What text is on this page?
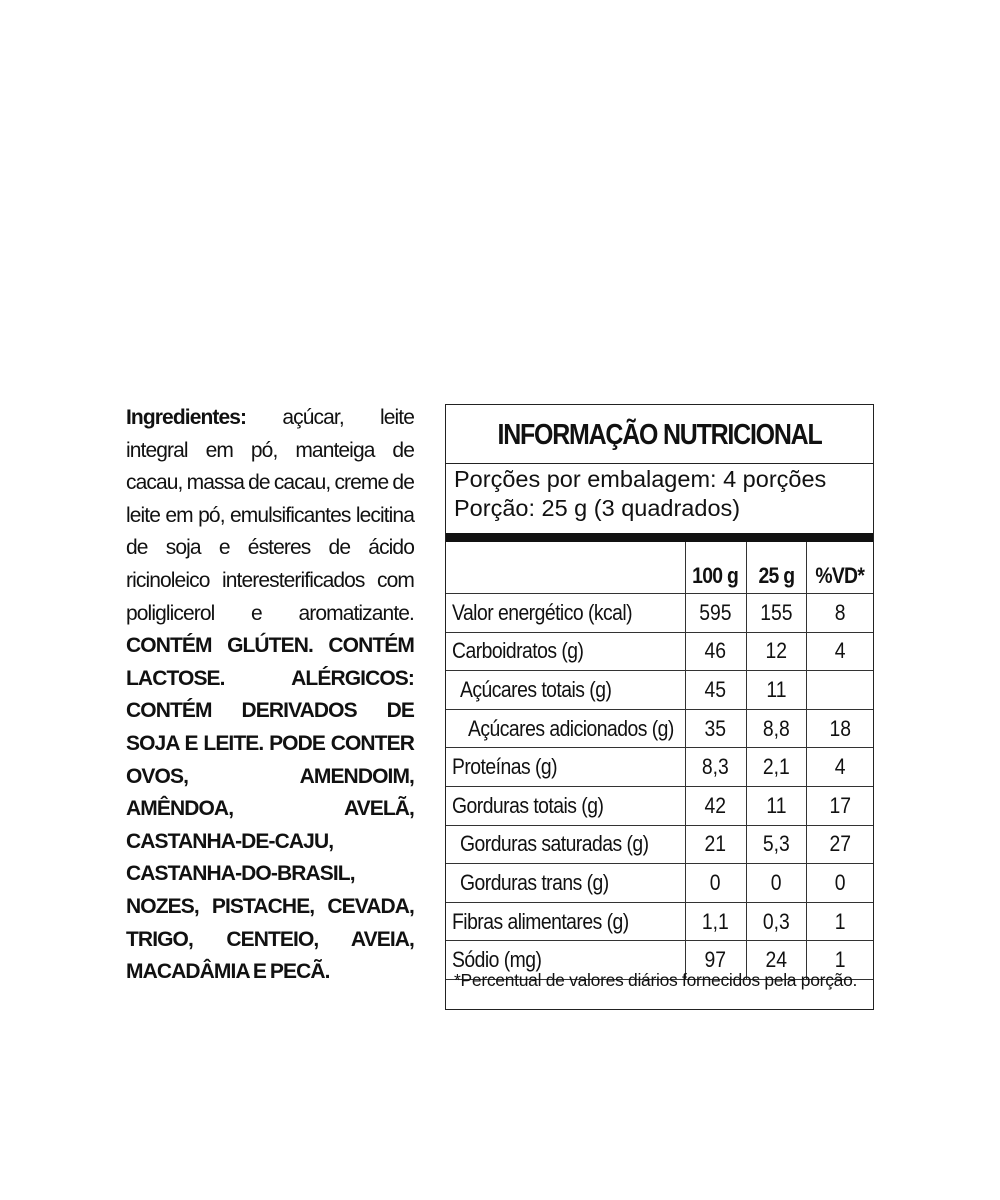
Ingredientes: açúcar, leite integral em pó, manteiga de cacau, massa de cacau, creme de leite em pó, emulsificantes lecitina de soja e ésteres de ácido ricinoleico interesterificados com poliglicerol e aromatizante. CONTÉM GLÚTEN. CONTÉM LACTOSE. ALÉRGICOS: CONTÉM DERIVADOS DE SOJA E LEITE. PODE CONTER OVOS, AMENDOIM, AMÊNDOA, AVELÃ, CASTANHA-DE-CAJU, CASTANHA-DO-BRASIL, NOZES, PISTACHE, CEVADA, TRIGO, CENTEIO, AVEIA, MACADÂMIA E PECÃ.
INFORMAÇÃO NUTRICIONAL
Porções por embalagem: 4 porções
Porção: 25 g (3 quadrados)
	100 g	25 g	%VD*
Valor energético (kcal)	595	155	8
Carboidratos (g)	46	12	4
Açúcares totais (g)	45	11	
Açúcares adicionados (g)	35	8,8	18
Proteínas (g)	8,3	2,1	4
Gorduras totais (g)	42	11	17
Gorduras saturadas (g)	21	5,3	27
Gorduras trans (g)	0	0	0
Fibras alimentares (g)	1,1	0,3	1
Sódio (mg)	97	24	1
*Percentual de valores diários fornecidos pela porção.
